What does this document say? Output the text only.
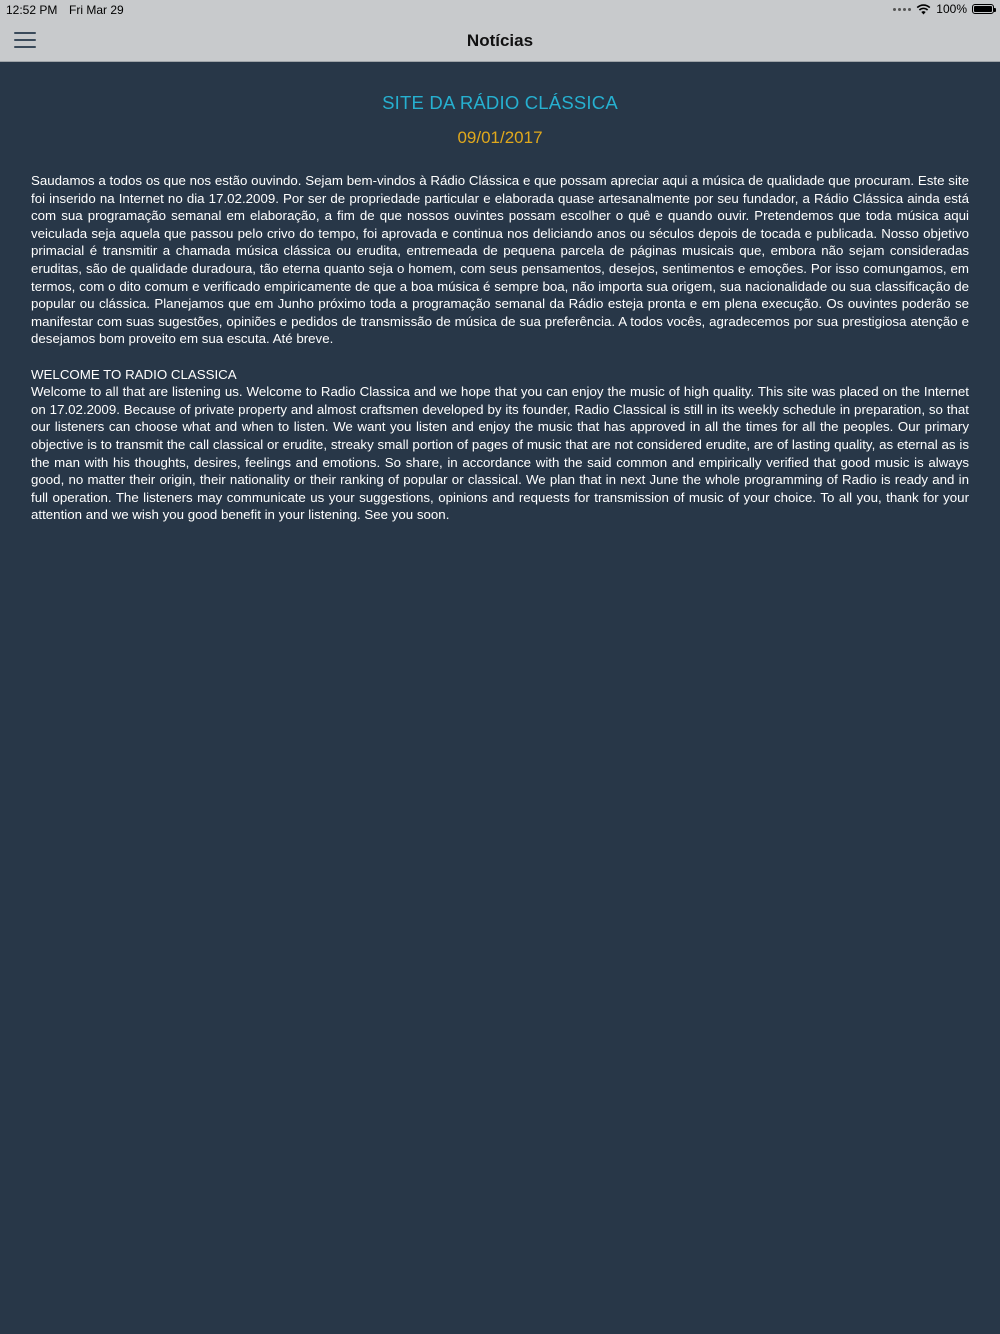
12:52 PM Fri Mar 29	100%
Notícias
SITE DA RÁDIO CLÁSSICA
09/01/2017
Saudamos a todos os que nos estão ouvindo. Sejam bem-vindos à Rádio Clássica e que possam apreciar aqui a música de qualidade que procuram. Este site foi inserido na Internet no dia 17.02.2009. Por ser de propriedade particular e elaborada quase artesanalmente por seu fundador, a Rádio Clássica ainda está com sua programação semanal em elaboração, a fim de que nossos ouvintes possam escolher o quê e quando ouvir. Pretendemos que toda música aqui veiculada seja aquela que passou pelo crivo do tempo, foi aprovada e continua nos deliciando anos ou séculos depois de tocada e publicada. Nosso objetivo primacial é transmitir a chamada música clássica ou erudita, entremeada de pequena parcela de páginas musicais que, embora não sejam consideradas eruditas, são de qualidade duradoura, tão eterna quanto seja o homem, com seus pensamentos, desejos, sentimentos e emoções. Por isso comungamos, em termos, com o dito comum e verificado empiricamente de que a boa música é sempre boa, não importa sua origem, sua nacionalidade ou sua classificação de popular ou clássica. Planejamos que em Junho próximo toda a programação semanal da Rádio esteja pronta e em plena execução. Os ouvintes poderão se manifestar com suas sugestões, opiniões e pedidos de transmissão de música de sua preferência. A todos vocês, agradecemos por sua prestigiosa atenção e desejamos bom proveito em sua escuta. Até breve.
WELCOME TO RADIO CLASSICA
Welcome to all that are listening us. Welcome to Radio Classica and we hope that you can enjoy the music of high quality. This site was placed on the Internet on 17.02.2009. Because of private property and almost craftsmen developed by its founder, Radio Classical is still in its weekly schedule in preparation, so that our listeners can choose what and when to listen. We want you listen and enjoy the music that has approved in all the times for all the peoples. Our primary objective is to transmit the call classical or erudite, streaky small portion of pages of music that are not considered erudite, are of lasting quality, as eternal as is the man with his thoughts, desires, feelings and emotions. So share, in accordance with the said common and empirically verified that good music is always good, no matter their origin, their nationality or their ranking of popular or classical. We plan that in next June the whole programming of Radio is ready and in full operation. The listeners may communicate us your suggestions, opinions and requests for transmission of music of your choice. To all you, thank for your attention and we wish you good benefit in your listening. See you soon.
